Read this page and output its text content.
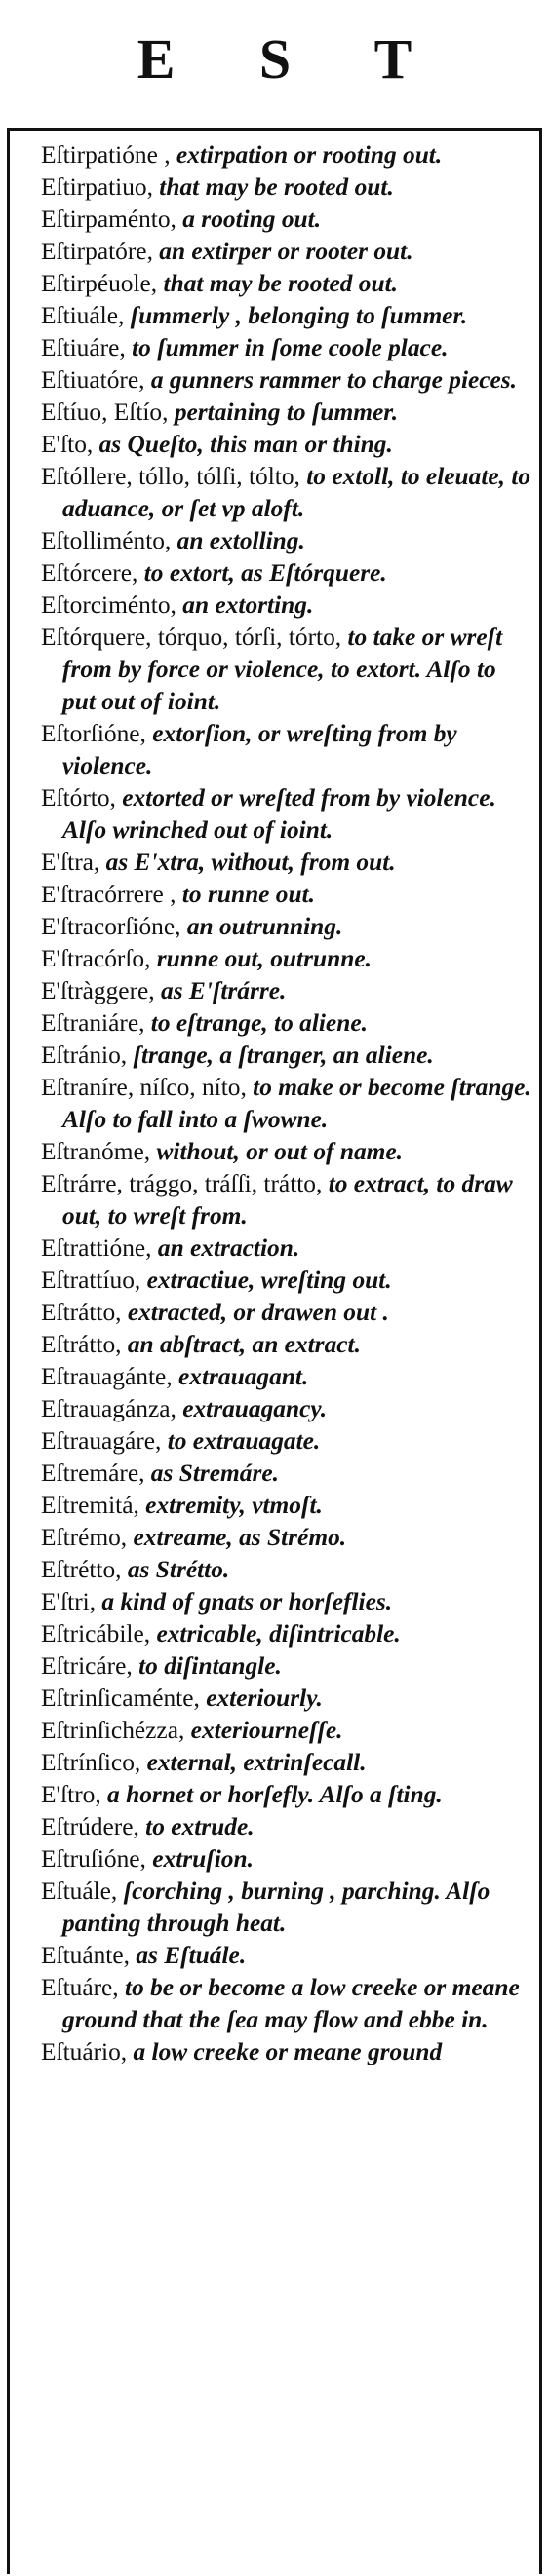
E S T

Eſtirpatióne , extirpation or rooting out.

Eſtirpatiuo, that may be rooted out.

Eſtirpaménto, a rooting out.

Eſtirpatóre, an extirper or rooter out.

Eſtirpéuole, that may be rooted out.

Eſtiuále, ſummerly , belonging to ſummer.

Eſtiuáre, to ſummer in ſome coole place.

Eſtiuatóre, a gunners rammer to charge pieces.

Eſtíuo, Eſtío, pertaining to ſummer.

E'ſto, as Queſto, this man or thing.

Eſtóllere, tóllo, tólſi, tólto, to extoll, to eleuate, to aduance, or ſet vp aloft.

Eſtolliménto, an extolling.

Eſtórcere, to extort, as Eſtórquere.

Eſtorciménto, an extorting.

Eſtórquere, tórquo, tórſi, tórto, to take or wreſt from by force or violence, to extort. Alſo to put out of ioint.

Eſtorſióne, extorſion, or wreſting from by violence.

Eſtórto, extorted or wreſted from by violence. Alſo wrinched out of ioint.

E'ſtra, as E'xtra, without, from out.

E'ſtracórrere , to runne out.

E'ſtracorſióne, an outrunning.

E'ſtracórſo, runne out, outrunne.

E'ſtràggere, as E'ſtrárre.

Eſtraniáre, to eſtrange, to aliene.

Eſtránio, ſtrange, a ſtranger, an aliene.

Eſtraníre, níſco, níto, to make or become ſtrange. Alſo to fall into a ſwowne.

Eſtranóme, without, or out of name.

Eſtrárre, trággo, tráſſi, trátto, to extract, to draw out, to wreſt from.

Eſtrattióne, an extraction.

Eſtrattíuo, extractiue, wreſting out.

Eſtrátto, extracted, or drawen out .

Eſtrátto, an abſtract, an extract.

Eſtrauagánte, extrauagant.

Eſtrauagánza, extrauagancy.

Eſtrauagáre, to extrauagate.

Eſtremáre, as Stremáre.

Eſtremitá, extremity, vtmoſt.

Eſtrémo, extreame, as Strémo.

Eſtrétto, as Strétto.

E'ſtri, a kind of gnats or horſeflies.

Eſtricábile, extricable, diſintricable.

Eſtricáre, to diſintangle.

Eſtrinſicaménte, exteriourly.

Eſtrinſichézza, exteriourneſſe.

Eſtrínſico, external, extrinſecall.

E'ſtro, a hornet or horſefly. Alſo a ſting.

Eſtrúdere, to extrude.

Eſtruſióne, extruſion.

Eſtuále, ſcorching , burning , parching. Alſo panting through heat.

Eſtuánte, as Eſtuále.

Eſtuáre, to be or become a low creeke or meane ground that the ſea may flow and ebbe in.

Eſtuário, a low creeke or meane ground
